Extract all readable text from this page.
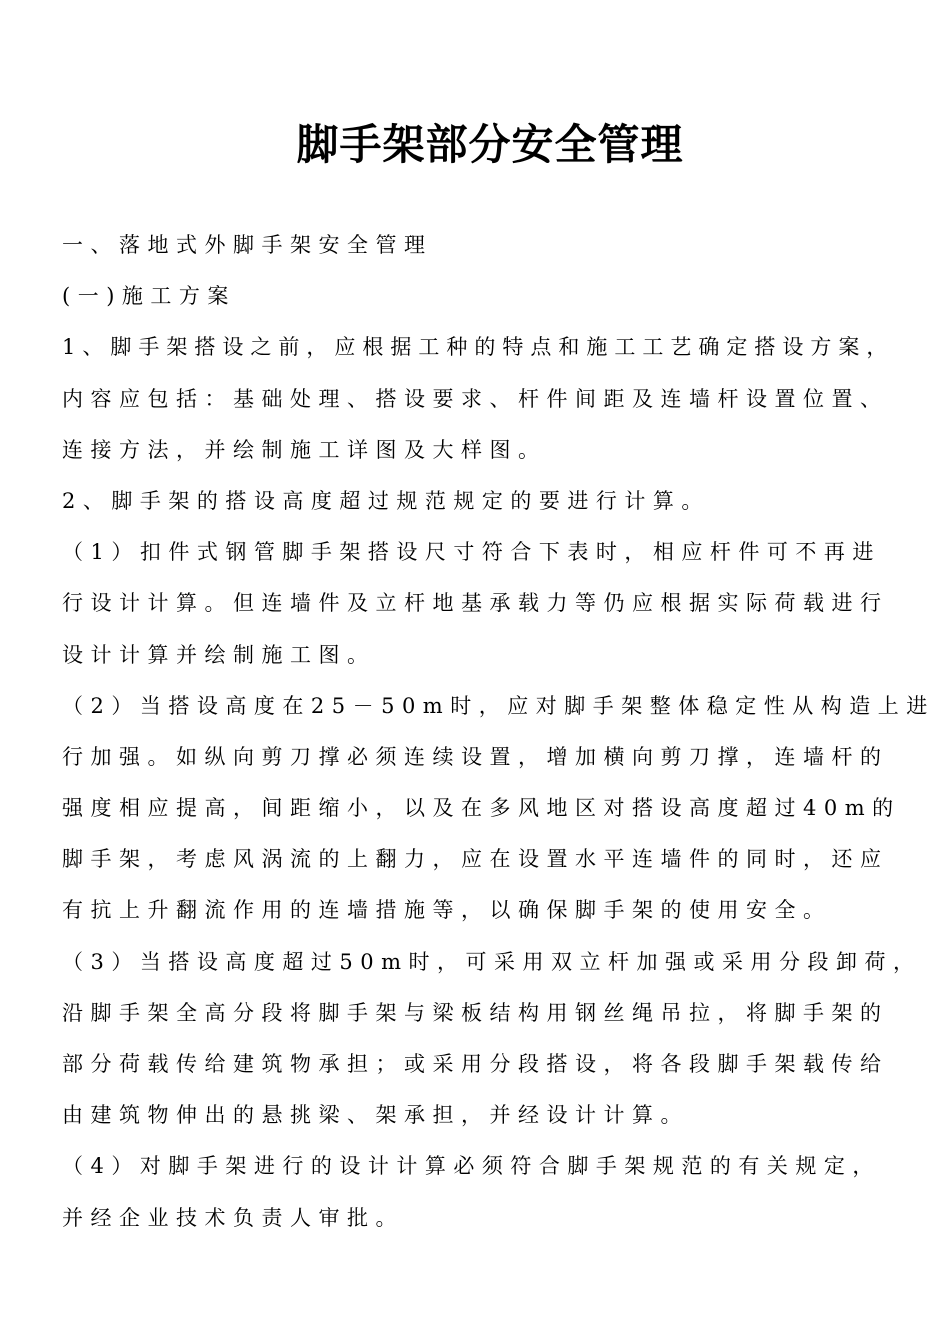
脚手架部分安全管理

一、落地式外脚手架安全管理

(一)施工方案

1、脚手架搭设之前，应根据工种的特点和施工工艺确定搭设方案，

内容应包括：基础处理、搭设要求、杆件间距及连墙杆设置位置、

连接方法，并绘制施工详图及大样图。

2、脚手架的搭设高度超过规范规定的要进行计算。

（1）扣件式钢管脚手架搭设尺寸符合下表时，相应杆件可不再进

行设计计算。但连墙件及立杆地基承载力等仍应根据实际荷载进行

设计计算并绘制施工图。

（2）当搭设高度在25－50m时，应对脚手架整体稳定性从构造上进

行加强。如纵向剪刀撑必须连续设置，增加横向剪刀撑，连墙杆的

强度相应提高，间距缩小，以及在多风地区对搭设高度超过40m的

脚手架，考虑风涡流的上翻力，应在设置水平连墙件的同时，还应

有抗上升翻流作用的连墙措施等，以确保脚手架的使用安全。

（3）当搭设高度超过50m时，可采用双立杆加强或采用分段卸荷，

沿脚手架全高分段将脚手架与梁板结构用钢丝绳吊拉，将脚手架的

部分荷载传给建筑物承担；或采用分段搭设，将各段脚手架载传给

由建筑物伸出的悬挑梁、架承担，并经设计计算。

（4）对脚手架进行的设计计算必须符合脚手架规范的有关规定，

并经企业技术负责人审批。
